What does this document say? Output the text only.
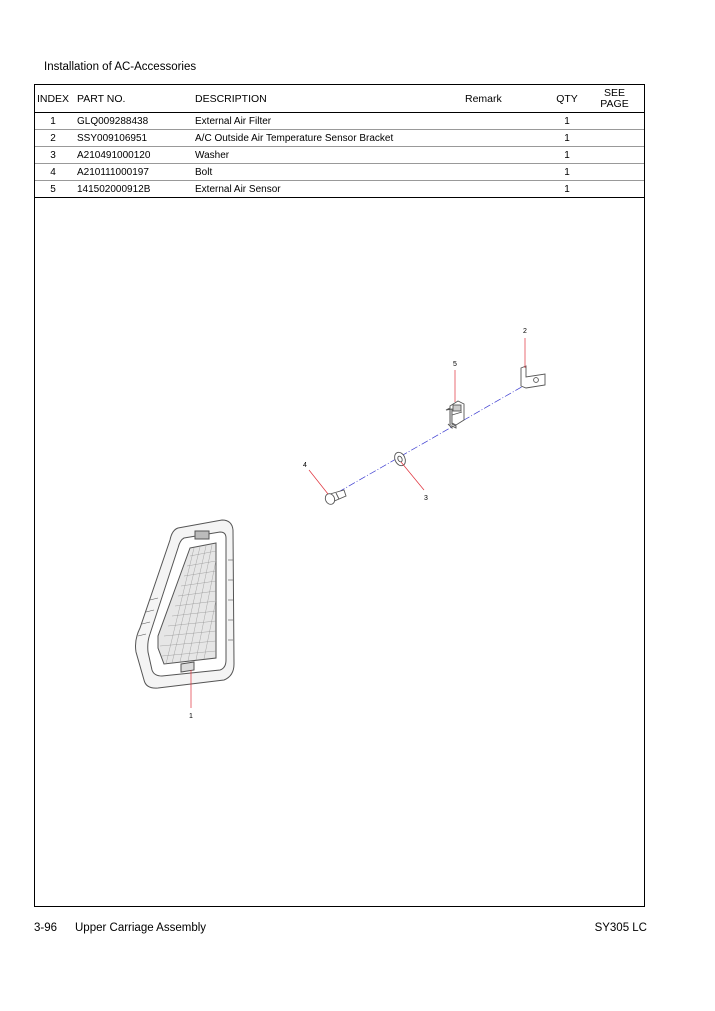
Installation of AC-Accessories
INDEX	PART NO.	DESCRIPTION	Remark	QTY	SEE
PAGE
1	GLQ009288438	External Air Filter		1	
2	SSY009106951	A/C Outside Air Temperature Sensor Bracket		1	
3	A210491000120	Washer		1	
4	A210111000197	Bolt		1	
5	141502000912B	External Air Sensor		1	
1
2
3
4
5
3-96 Upper Carriage Assembly	SY305 LC
